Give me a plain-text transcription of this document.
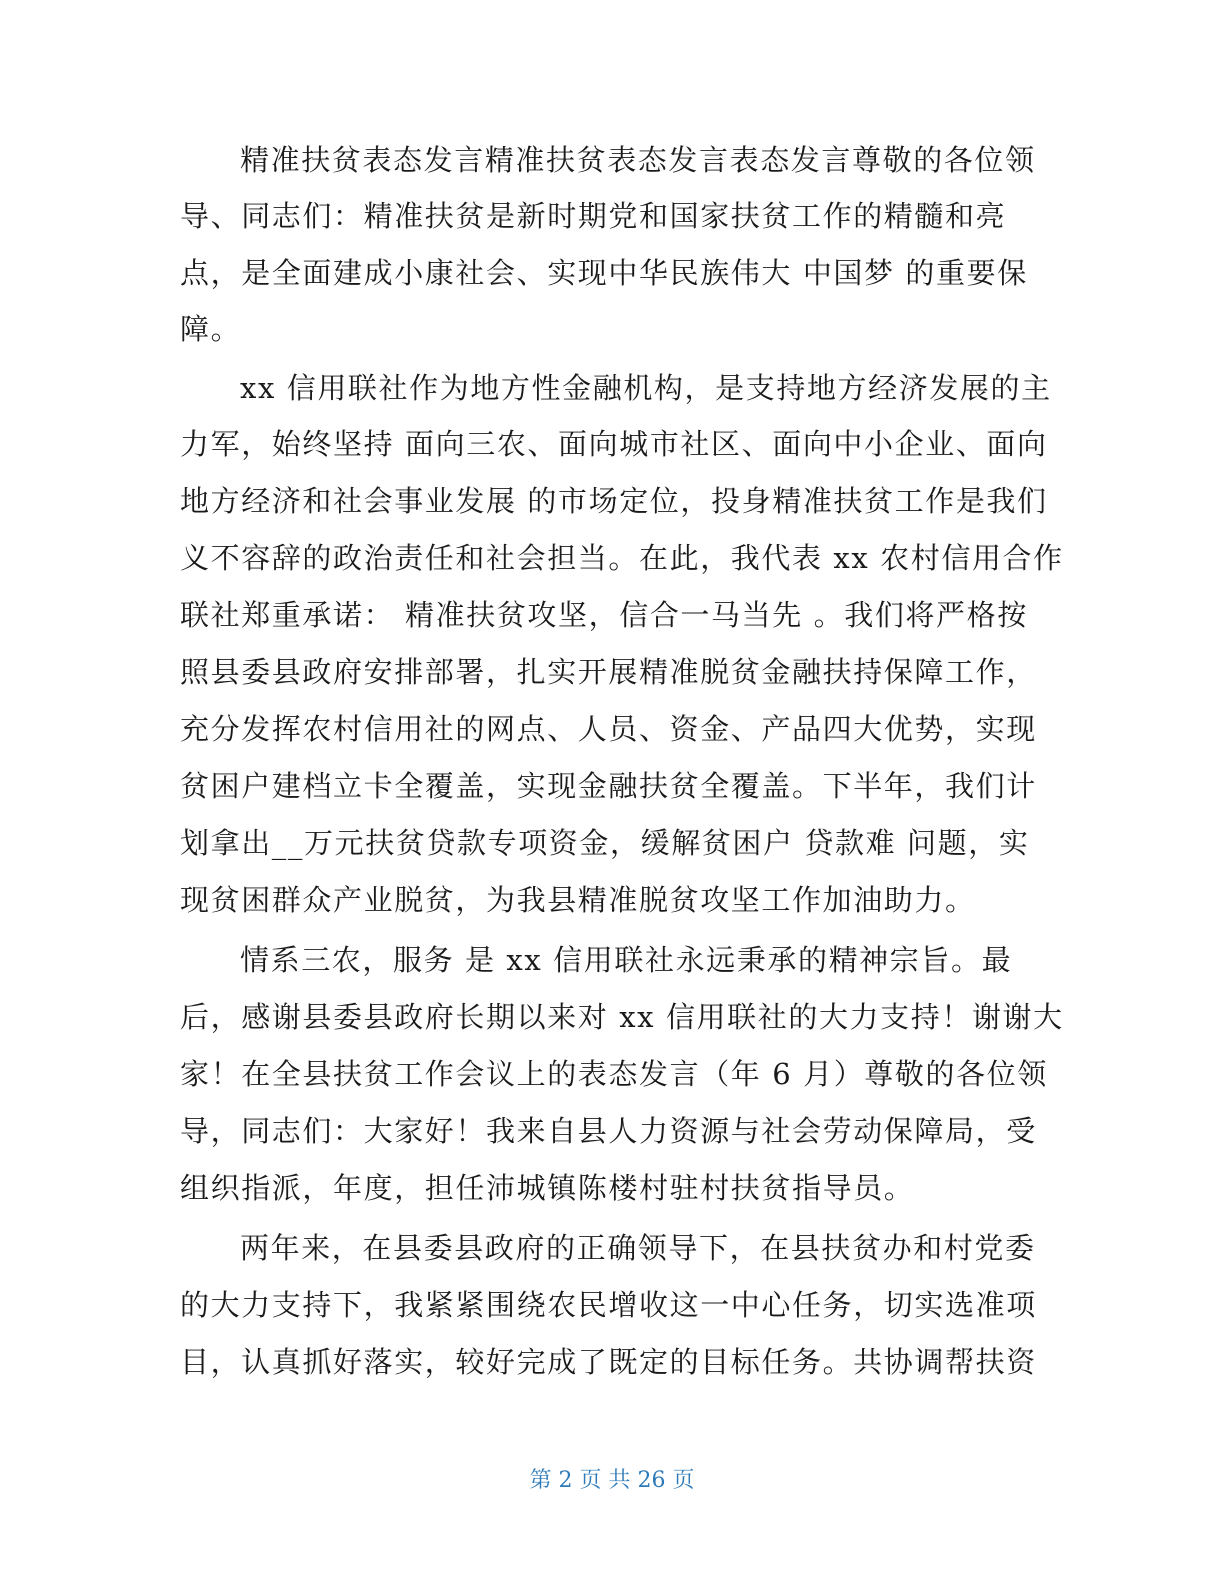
精准扶贫表态发言精准扶贫表态发言表态发言尊敬的各位领
导、同志们：精准扶贫是新时期党和国家扶贫工作的精髓和亮
点，是全面建成小康社会、实现中华民族伟大 中国梦 的重要保
障。
xx 信用联社作为地方性金融机构，是支持地方经济发展的主
力军，始终坚持 面向三农、面向城市社区、面向中小企业、面向
地方经济和社会事业发展 的市场定位，投身精准扶贫工作是我们
义不容辞的政治责任和社会担当。在此，我代表 xx 农村信用合作
联社郑重承诺： 精准扶贫攻坚，信合一马当先 。我们将严格按
照县委县政府安排部署，扎实开展精准脱贫金融扶持保障工作，
充分发挥农村信用社的网点、人员、资金、产品四大优势，实现
贫困户建档立卡全覆盖，实现金融扶贫全覆盖。下半年，我们计
划拿出__万元扶贫贷款专项资金，缓解贫困户 贷款难 问题，实
现贫困群众产业脱贫，为我县精准脱贫攻坚工作加油助力。
情系三农，服务 是 xx 信用联社永远秉承的精神宗旨。最
后，感谢县委县政府长期以来对 xx 信用联社的大力支持！谢谢大
家！在全县扶贫工作会议上的表态发言（年 6 月）尊敬的各位领
导，同志们：大家好！我来自县人力资源与社会劳动保障局，受
组织指派，年度，担任沛城镇陈楼村驻村扶贫指导员。
两年来，在县委县政府的正确领导下，在县扶贫办和村党委
的大力支持下，我紧紧围绕农民增收这一中心任务，切实选准项
目，认真抓好落实，较好完成了既定的目标任务。共协调帮扶资
第 2 页 共 26 页
